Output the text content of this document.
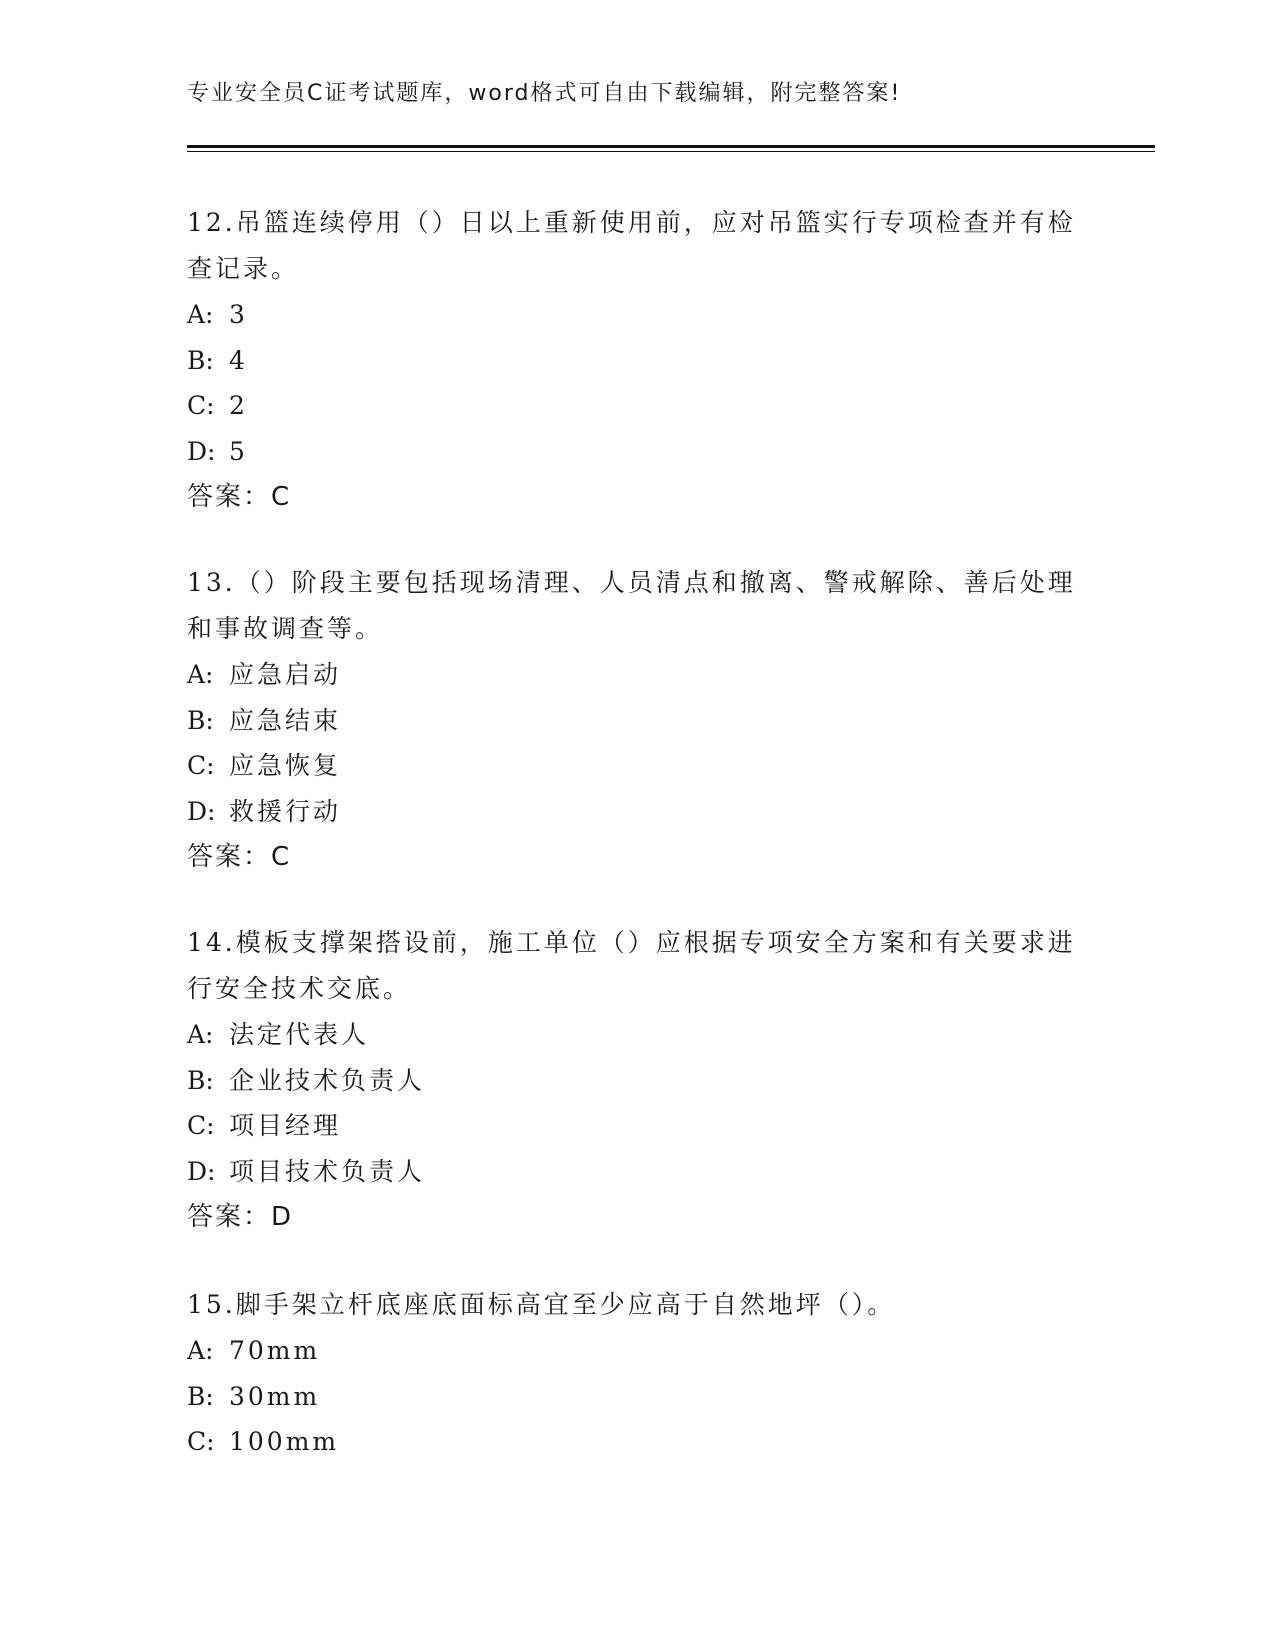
专业安全员C证考试题库，word格式可自由下载编辑，附完整答案!

12.吊篮连续停用（）日以上重新使用前，应对吊篮实行专项检查并有检查记录。

A: 3

B: 4

C: 2

D: 5

答案：C

13.（）阶段主要包括现场清理、人员清点和撤离、警戒解除、善后处理和事故调查等。

A: 应急启动

B: 应急结束

C: 应急恢复

D: 救援行动

答案：C

14.模板支撑架搭设前，施工单位（）应根据专项安全方案和有关要求进行安全技术交底。

A: 法定代表人

B: 企业技术负责人

C: 项目经理

D: 项目技术负责人

答案：D

15.脚手架立杆底座底面标高宜至少应高于自然地坪（）。

A: 70mm

B: 30mm

C: 100mm
